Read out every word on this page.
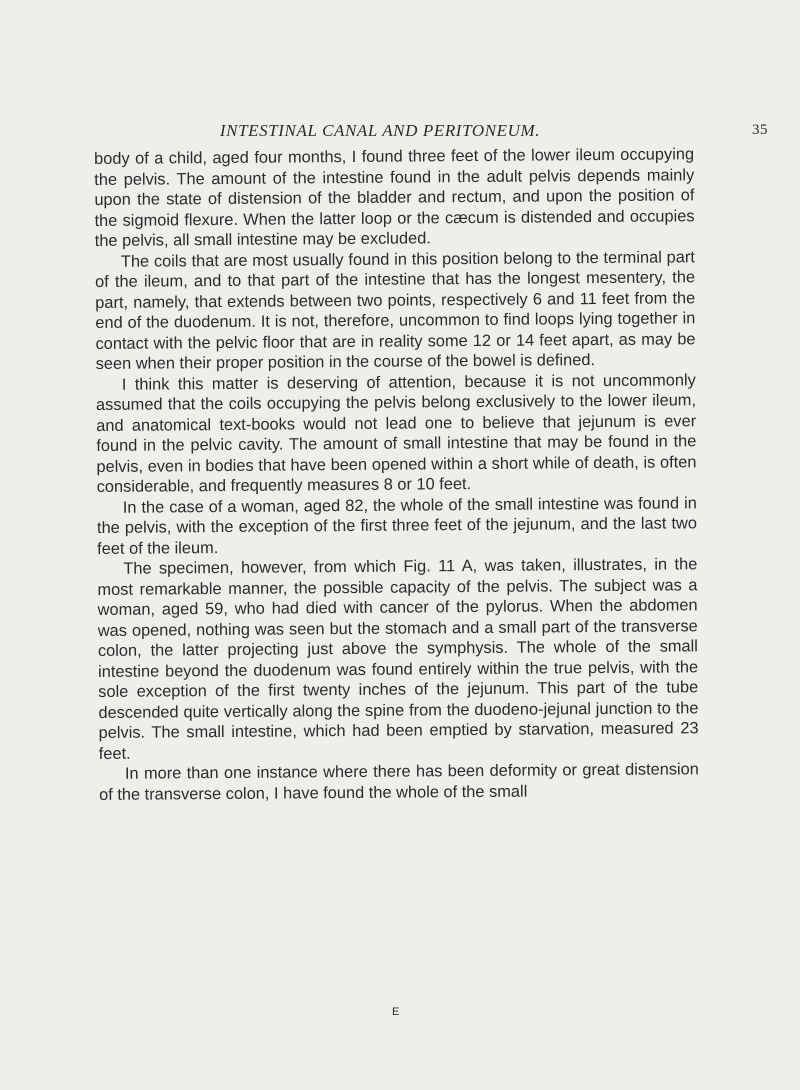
INTESTINAL CANAL AND PERITONEUM.	35

body of a child, aged four months, I found three feet of the lower ileum occupying the pelvis. The amount of the intestine found in the adult pelvis depends mainly upon the state of distension of the bladder and rectum, and upon the position of the sigmoid flexure. When the latter loop or the cæcum is distended and occupies the pelvis, all small intestine may be excluded.

The coils that are most usually found in this position belong to the terminal part of the ileum, and to that part of the intestine that has the longest mesentery, the part, namely, that extends between two points, respectively 6 and 11 feet from the end of the duodenum. It is not, therefore, uncommon to find loops lying together in contact with the pelvic floor that are in reality some 12 or 14 feet apart, as may be seen when their proper position in the course of the bowel is defined.

I think this matter is deserving of attention, because it is not uncommonly assumed that the coils occupying the pelvis belong exclusively to the lower ileum, and anatomical text-books would not lead one to believe that jejunum is ever found in the pelvic cavity. The amount of small intestine that may be found in the pelvis, even in bodies that have been opened within a short while of death, is often considerable, and frequently measures 8 or 10 feet.

In the case of a woman, aged 82, the whole of the small intestine was found in the pelvis, with the exception of the first three feet of the jejunum, and the last two feet of the ileum.

The specimen, however, from which Fig. 11 A, was taken, illustrates, in the most remarkable manner, the possible capacity of the pelvis. The subject was a woman, aged 59, who had died with cancer of the pylorus. When the abdomen was opened, nothing was seen but the stomach and a small part of the transverse colon, the latter projecting just above the symphysis. The whole of the small intestine beyond the duodenum was found entirely within the true pelvis, with the sole exception of the first twenty inches of the jejunum. This part of the tube descended quite vertically along the spine from the duodeno-jejunal junction to the pelvis. The small intestine, which had been emptied by starvation, measured 23 feet.

In more than one instance where there has been deformity or great distension of the transverse colon, I have found the whole of the small

E
